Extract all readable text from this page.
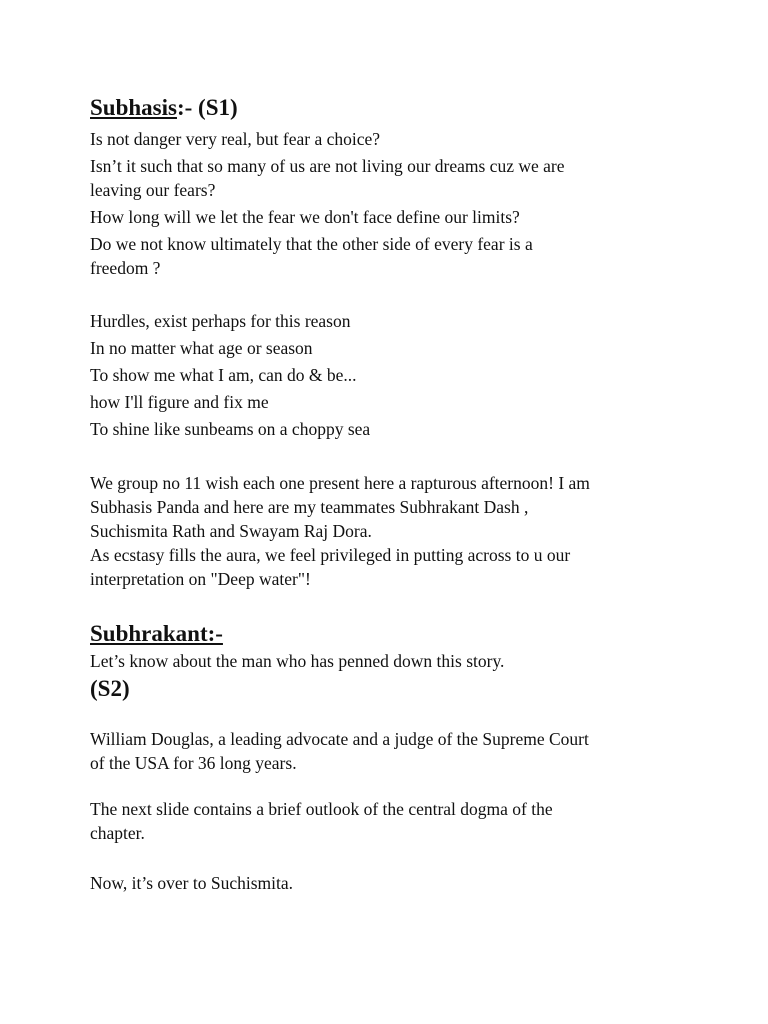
Subhasis:- (S1)
Is not danger very real, but fear a choice?
Isn’t it such that so many of us are not living our dreams cuz we are
leaving our fears?
How long will we let the fear we don't face define our limits?
Do we not know ultimately that the other side of every fear is a
freedom ?
Hurdles, exist perhaps for this reason
In no matter what age or season
To show me what I am, can do & be...
how I'll figure and fix me
To shine like sunbeams on a choppy sea
We group no 11 wish each one present here a rapturous afternoon! I am
Subhasis Panda and here are my teammates Subhrakant Dash ,
Suchismita Rath and Swayam Raj Dora.
As ecstasy fills the aura, we feel privileged in putting across to u our
interpretation on "Deep water"!
Subhrakant:-
Let’s know about the man who has penned down this story.
(S2)
William Douglas, a leading advocate and a judge of the Supreme Court
of the USA for 36 long years.
The next slide contains a brief outlook of the central dogma of the
chapter.
Now, it’s over to Suchismita.
